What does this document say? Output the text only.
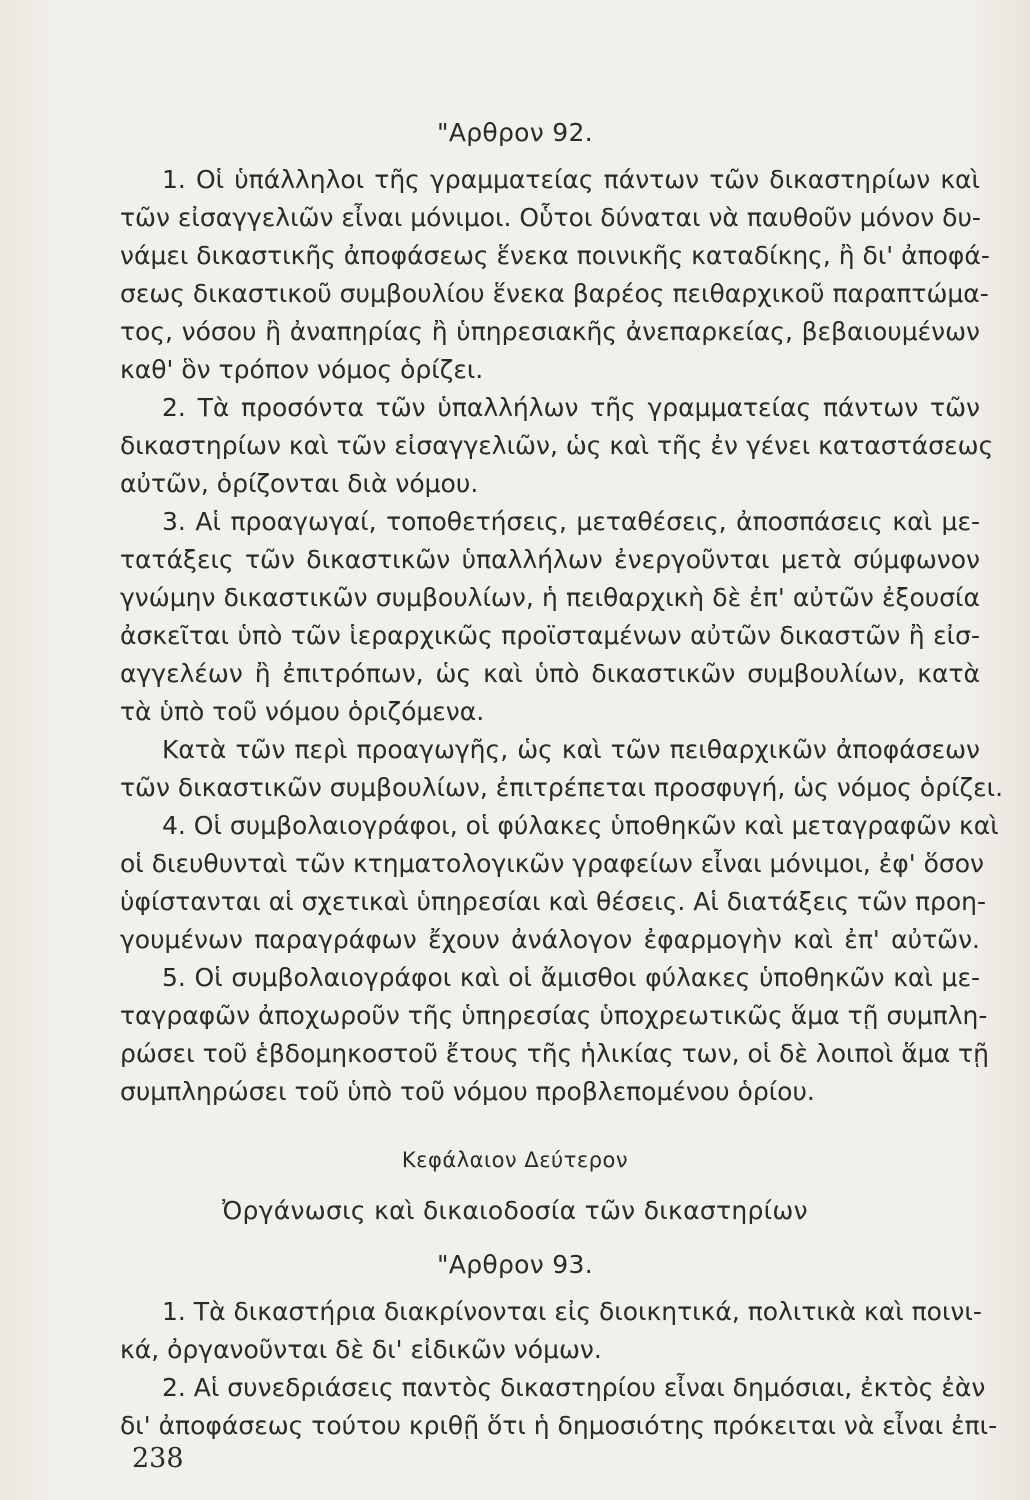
"Αρθρον 92.
1. Οἱ ὑπάλληλοι τῆς γραμματείας πάντων τῶν δικαστηρίων καὶ
τῶν εἰσαγγελιῶν εἶναι μόνιμοι. Οὗτοι δύναται νὰ παυθοῦν μόνον δυ-
νάμει δικαστικῆς ἀποφάσεως ἕνεκα ποινικῆς καταδίκης, ἢ δι' ἀποφά-
σεως δικαστικοῦ συμβουλίου ἕνεκα βαρέος πειθαρχικοῦ παραπτώμα-
τος, νόσου ἢ ἀναπηρίας ἢ ὑπηρεσιακῆς ἀνεπαρκείας, βεβαιουμένων
καθ' ὃν τρόπον νόμος ὁρίζει.
2. Τὰ προσόντα τῶν ὑπαλλήλων τῆς γραμματείας πάντων τῶν
δικαστηρίων καὶ τῶν εἰσαγγελιῶν, ὡς καὶ τῆς ἐν γένει καταστάσεως
αὐτῶν, ὁρίζονται διὰ νόμου.
3. Αἱ προαγωγαί, τοποθετήσεις, μεταθέσεις, ἀποσπάσεις καὶ με-
τατάξεις τῶν δικαστικῶν ὑπαλλήλων ἐνεργοῦνται μετὰ σύμφωνον
γνώμην δικαστικῶν συμβουλίων, ἡ πειθαρχικὴ δὲ ἐπ' αὐτῶν ἐξουσία
ἀσκεῖται ὑπὸ τῶν ἱεραρχικῶς προϊσταμένων αὐτῶν δικαστῶν ἢ εἰσ-
αγγελέων ἢ ἐπιτρόπων, ὡς καὶ ὑπὸ δικαστικῶν συμβουλίων, κατὰ
τὰ ὑπὸ τοῦ νόμου ὁριζόμενα.
Κατὰ τῶν περὶ προαγωγῆς, ὡς καὶ τῶν πειθαρχικῶν ἀποφάσεων
τῶν δικαστικῶν συμβουλίων, ἐπιτρέπεται προσφυγή, ὡς νόμος ὁρίζει.
4. Οἱ συμβολαιογράφοι, οἱ φύλακες ὑποθηκῶν καὶ μεταγραφῶν καὶ
οἱ διευθυνταὶ τῶν κτηματολογικῶν γραφείων εἶναι μόνιμοι, ἐφ' ὅσον
ὑφίστανται αἱ σχετικαὶ ὑπηρεσίαι καὶ θέσεις. Αἱ διατάξεις τῶν προη-
γουμένων παραγράφων ἔχουν ἀνάλογον ἐφαρμογὴν καὶ ἐπ' αὐτῶν.
5. Οἱ συμβολαιογράφοι καὶ οἱ ἄμισθοι φύλακες ὑποθηκῶν καὶ με-
ταγραφῶν ἀποχωροῦν τῆς ὑπηρεσίας ὑποχρεωτικῶς ἅμα τῇ συμπλη-
ρώσει τοῦ ἑβδομηκοστοῦ ἔτους τῆς ἡλικίας των, οἱ δὲ λοιποὶ ἅμα τῇ
συμπληρώσει τοῦ ὑπὸ τοῦ νόμου προβλεπομένου ὁρίου.
Κεφάλαιον Δεύτερον
Ὀργάνωσις καὶ δικαιοδοσία τῶν δικαστηρίων
"Αρθρον 93.
1. Τὰ δικαστήρια διακρίνονται εἰς διοικητικά, πολιτικὰ καὶ ποινι-
κά, ὀργανοῦνται δὲ δι' εἰδικῶν νόμων.
2. Αἱ συνεδριάσεις παντὸς δικαστηρίου εἶναι δημόσιαι, ἐκτὸς ἐὰν
δι' ἀποφάσεως τούτου κριθῇ ὅτι ἡ δημοσιότης πρόκειται νὰ εἶναι ἐπι-
238
